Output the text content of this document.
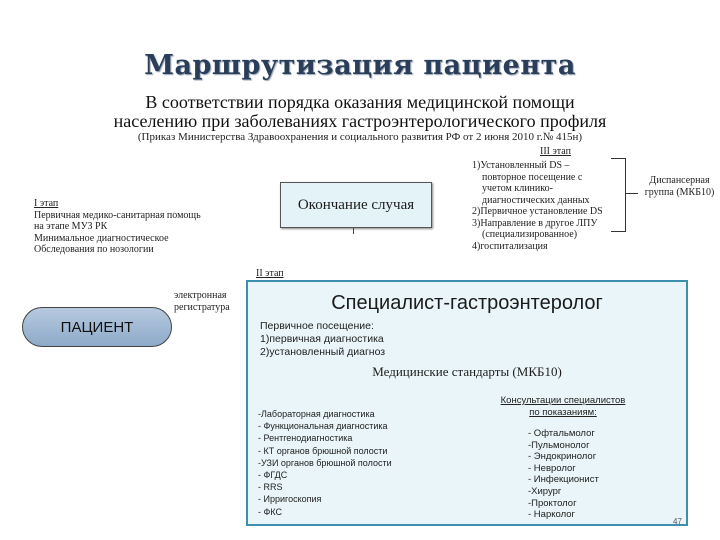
Маршрутизация пациента
В соответствии порядка оказания медицинской помощи
населению при заболеваниях гастроэнтерологического профиля
(Приказ Министерства Здравоохранения и социального развития РФ от 2 июня 2010 г.№ 415н)
III этап
1)Установленный DS –
повторное посещение с
учетом клинико-
диагностических данных
2)Первичное установление DS
3)Направление в другое ЛПУ
(специализированное)
4)госпитализация
Диспансерная
группа (МКБ10)
I этап
Первичная медико-санитарная помощь
на этапе МУЗ РК
Минимальное диагностическое
Обследования по нозологии
Окончание случая
II этап
электронная
регистратура
ПАЦИЕНТ
Специалист-гастроэнтеролог
Первичное посещение:
1)первичная диагностика
2)установленный диагноз
Медицинские стандарты (МКБ10)
-Лабораторная диагностика
- Функциональная диагностика
- Рентгенодиагностика
- КТ органов брюшной полости
-УЗИ органов брюшной полости
- ФГДС
- RRS
- Ирригоскопия
- ФКС
Консультации специалистов
по показаниям:
- Офтальмолог
-Пульмонолог
- Эндокринолог
- Невролог
- Инфекционист
-Хирург
-Проктолог
- Нарколог
47
